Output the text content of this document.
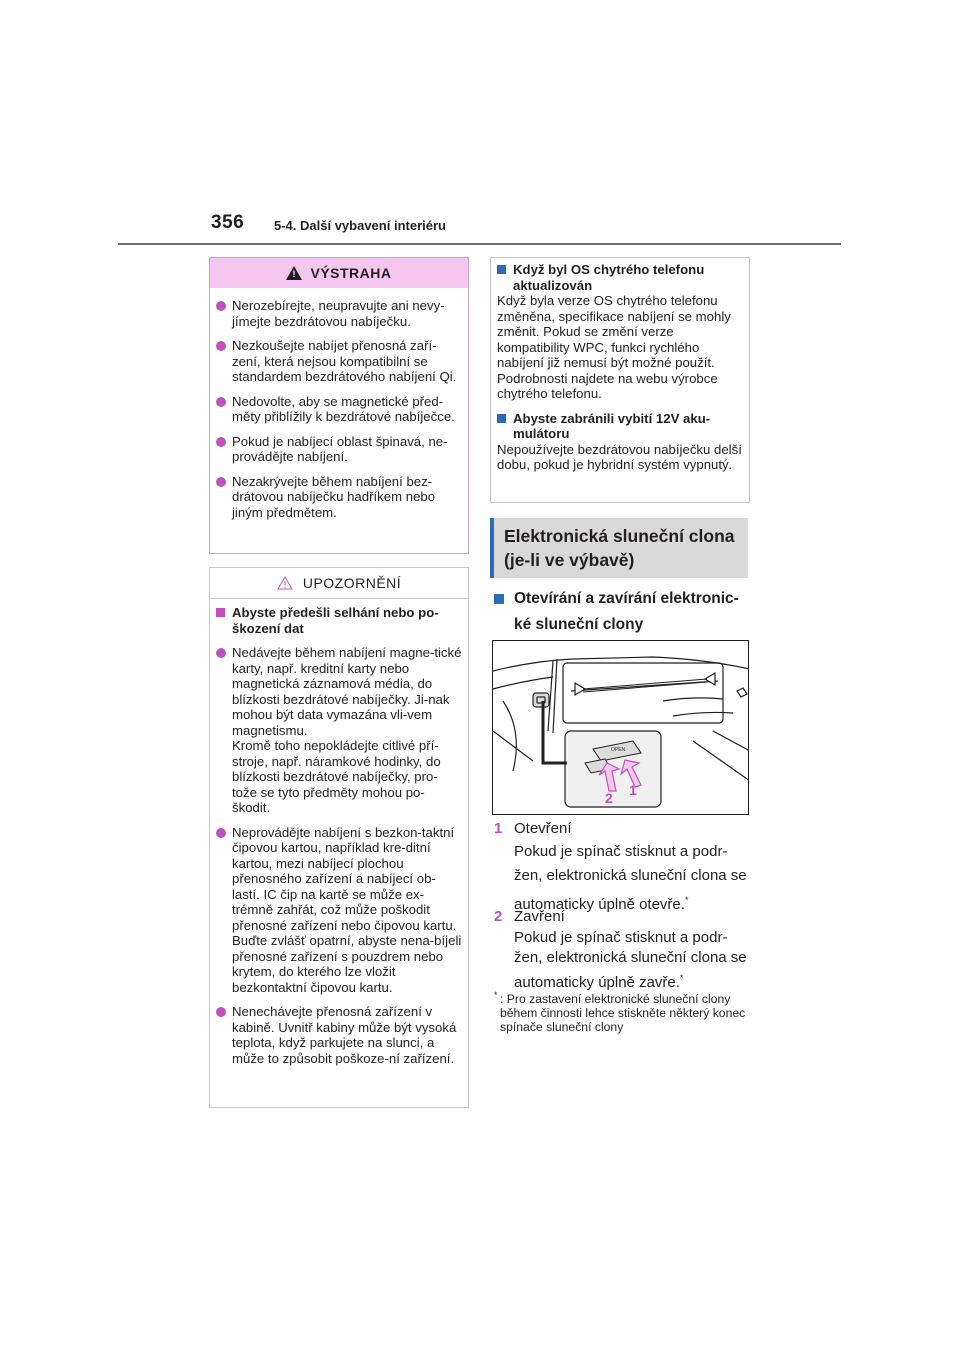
356 5-4. Další vybavení interiéru
! VÝSTRAHA
Nerozebírejte, neupravujte ani nevy-jímejte bezdrátovou nabíječku.
Nezkoušejte nabíjet přenosná zaří-zení, která nejsou kompatibilní se standardem bezdrátového nabíjení Qi.
Nedovolte, aby se magnetické před-měty přiblížily k bezdrátové nabíječce.
Pokud je nabíjecí oblast špinavá, ne-provádějte nabíjení.
Nezakrývejte během nabíjení bez-drátovou nabíječku hadříkem nebo jiným předmětem.
UPOZORNĚNÍ
Abyste předešli selhání nebo po-škození dat
Nedávejte během nabíjení magne-tické karty, např. kreditní karty nebo magnetická záznamová média, do blízkosti bezdrátové nabíječky. Ji-nak mohou být data vymazána vli-vem magnetismu.
Kromě toho nepokládejte citlivé pří-stroje, např. náramkové hodinky, do blízkosti bezdrátové nabíječky, pro-tože se tyto předměty mohou po-škodit.
Neprovádějte nabíjení s bezkon-taktní čipovou kartou, například kre-ditní kartou, mezi nabíjecí plochou přenosného zařízení a nabíjecí ob-lastí. IC čip na kartě se může ex-trémně zahřát, což může poškodit přenosné zařízení nebo čipovou kartu.
Buďte zvlášť opatrní, abyste nena-bíjeli přenosné zařízení s pouzdrem nebo krytem, do kterého lze vložit bezkontaktní čipovou kartu.
Nenechávejte přenosná zařízení v kabině. Uvnitř kabiny může být vysoká teplota, když parkujete na slunci, a může to způsobit poškoze-ní zařízení.
Když byl OS chytrého telefonu aktualizován
Když byla verze OS chytrého telefonu změněna, specifikace nabíjení se mohly změnit. Pokud se změní verze kompatibility WPC, funkci rychlého nabíjení již nemusí být možné použít. Podrobnosti najdete na webu výrobce chytrého telefonu.
Abyste zabránili vybití 12V aku-mulátoru
Nepoužívejte bezdrátovou nabíječku delší dobu, pokud je hybridní systém vypnutý.
Elektronická sluneční clona
(je-li ve výbavě)
Otevírání a zavírání elektronic-
ké sluneční clony
OPEN
2 1
1 Otevření
Pokud je spínač stisknut a podr-žen, elektronická sluneční clona se automaticky úplně otevře.*
2 Zavření
Pokud je spínač stisknut a podr-žen, elektronická sluneční clona se automaticky úplně zavře.*
* : Pro zastavení elektronické sluneční clony během činnosti lehce stiskněte některý konec spínače sluneční clony
